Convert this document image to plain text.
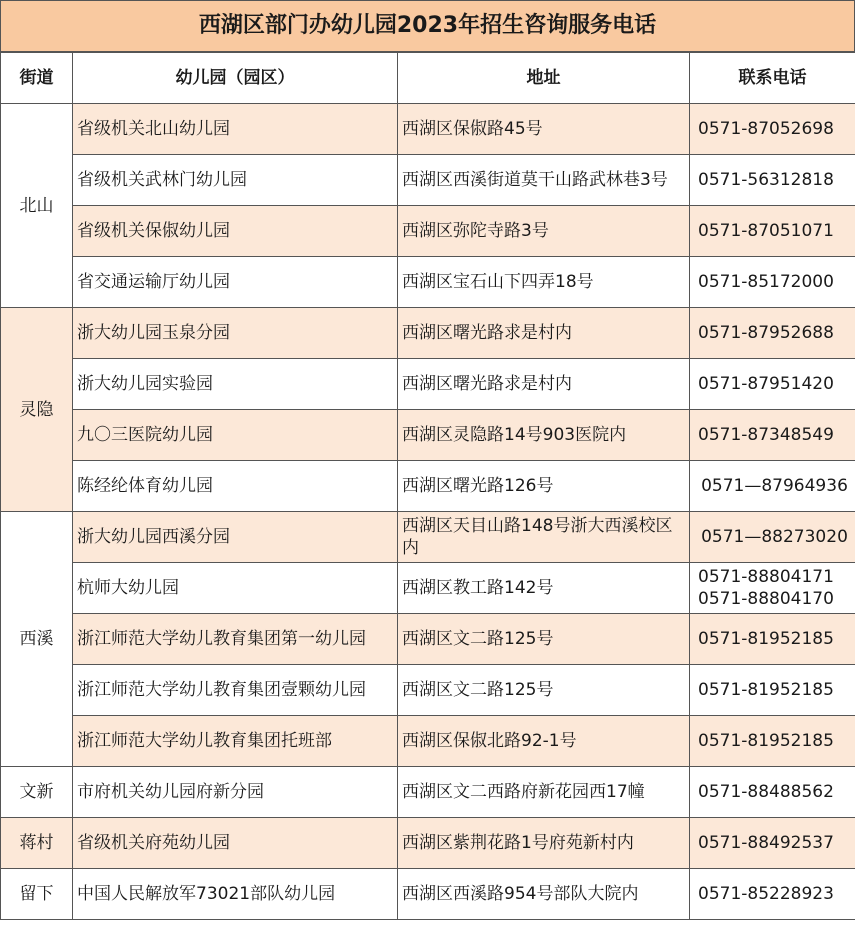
西湖区部门办幼儿园2023年招生咨询服务电话
街道	幼儿园（园区）	地址	联系电话
北山	省级机关北山幼儿园	西湖区保俶路45号	0571-87052698
	省级机关武林门幼儿园	西湖区西溪街道莫干山路武林巷3号	0571-56312818
	省级机关保俶幼儿园	西湖区弥陀寺路3号	0571-87051071
	省交通运输厅幼儿园	西湖区宝石山下四弄18号	0571-85172000
灵隐	浙大幼儿园玉泉分园	西湖区曙光路求是村内	0571-87952688
	浙大幼儿园实验园	西湖区曙光路求是村内	0571-87951420
	九〇三医院幼儿园	西湖区灵隐路14号903医院内	0571-87348549
	陈经纶体育幼儿园	西湖区曙光路126号	0571—87964936
西溪	浙大幼儿园西溪分园	西湖区天目山路148号浙大西溪校区内	0571—88273020
	杭师大幼儿园	西湖区教工路142号	0571-88804171 0571-88804170
	浙江师范大学幼儿教育集团第一幼儿园	西湖区文二路125号	0571-81952185
	浙江师范大学幼儿教育集团壹颗幼儿园	西湖区文二路125号	0571-81952185
	浙江师范大学幼儿教育集团托班部	西湖区保俶北路92-1号	0571-81952185
文新	市府机关幼儿园府新分园	西湖区文二西路府新花园西17幢	0571-88488562
蒋村	省级机关府苑幼儿园	西湖区紫荆花路1号府苑新村内	0571-88492537
留下	中国人民解放军73021部队幼儿园	西湖区西溪路954号部队大院内	0571-85228923
